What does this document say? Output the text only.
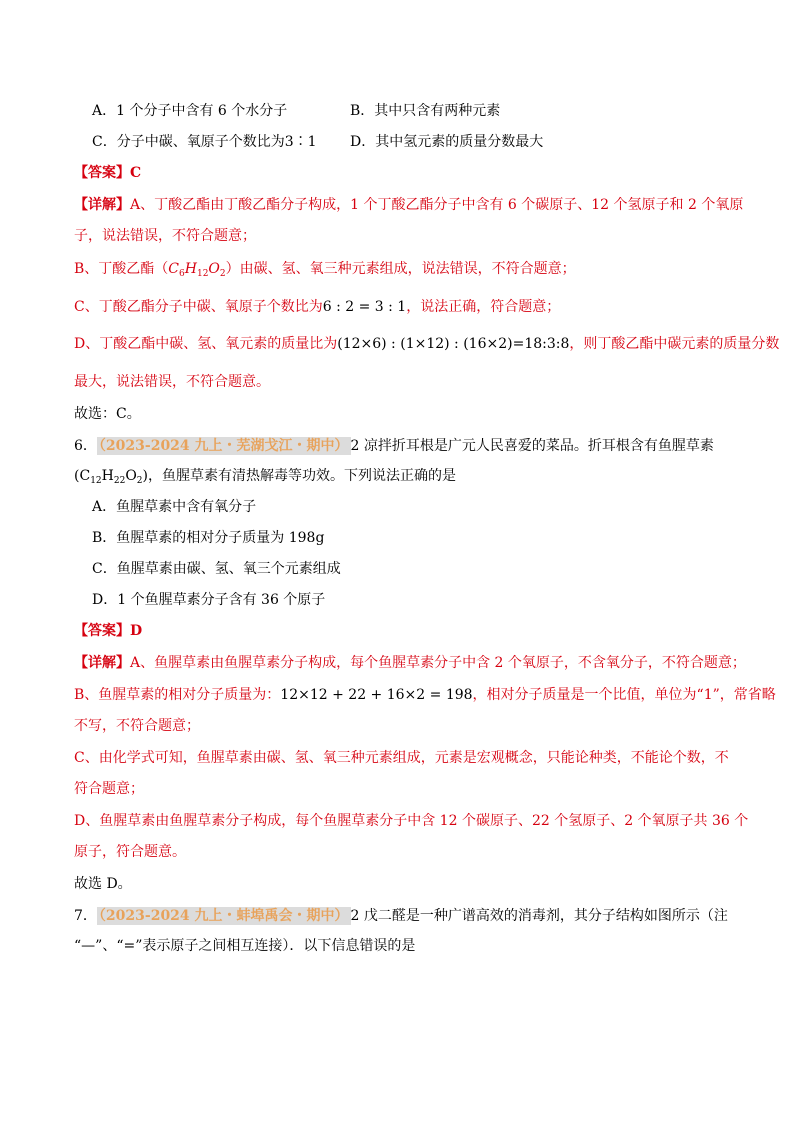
A．1 个分子中含有 6 个水分子	B．其中只含有两种元素
C．分子中碳、氧原子个数比为3∶1 D．其中氢元素的质量分数最大
【答案】C
【详解】A、丁酸乙酯由丁酸乙酯分子构成，1 个丁酸乙酯分子中含有 6 个碳原子、12 个氢原子和 2 个氧原
子，说法错误，不符合题意；
B、丁酸乙酯$(C_6H_{12}O_2)$由碳、氢、氧三种元素组成，说法错误，不符合题意；
C、丁酸乙酯分子中碳、氧原子个数比为6 : 2 = 3 : 1，说法正确，符合题意；
D、丁酸乙酯中碳、氢、氧元素的质量比为(12×6) : (1×12) : (16×2)=18:3:8，则丁酸乙酯中碳元素的质量分数
最大，说法错误，不符合题意。
故选：C。
6． （2023-2024 九上・芜湖戈江・期中） 2 凉拌折耳根是广元人民喜爱的菜品。折耳根含有鱼腥草素
$(C_{12}H_{22}O_2)$，鱼腥草素有清热解毒等功效。下列说法正确的是
A．鱼腥草素中含有氧分子
B．鱼腥草素的相对分子质量为 198g
C．鱼腥草素由碳、氢、氧三个元素组成
D．1 个鱼腥草素分子含有 36 个原子
【答案】D
【详解】A、鱼腥草素由鱼腥草素分子构成，每个鱼腥草素分子中含 2 个氧原子，不含氧分子，不符合题意；
B、鱼腥草素的相对分子质量为：12×12 + 22 + 16×2 = 198，相对分子质量是一个比值，单位为“1”，常省略
不写，不符合题意；
C、由化学式可知，鱼腥草素由碳、氢、氧三种元素组成，元素是宏观概念，只能论种类，不能论个数，不
符合题意；
D、鱼腥草素由鱼腥草素分子构成，每个鱼腥草素分子中含 12 个碳原子、22 个氢原子、2 个氧原子共 36 个
原子，符合题意。
故选 D。
7． （2023-2024 九上・蚌埠禹会・期中） 2 戊二醛是一种广谱高效的消毒剂，其分子结构如图所示（注
“—”、“=”表示原子之间相互连接）．以下信息错误的是
